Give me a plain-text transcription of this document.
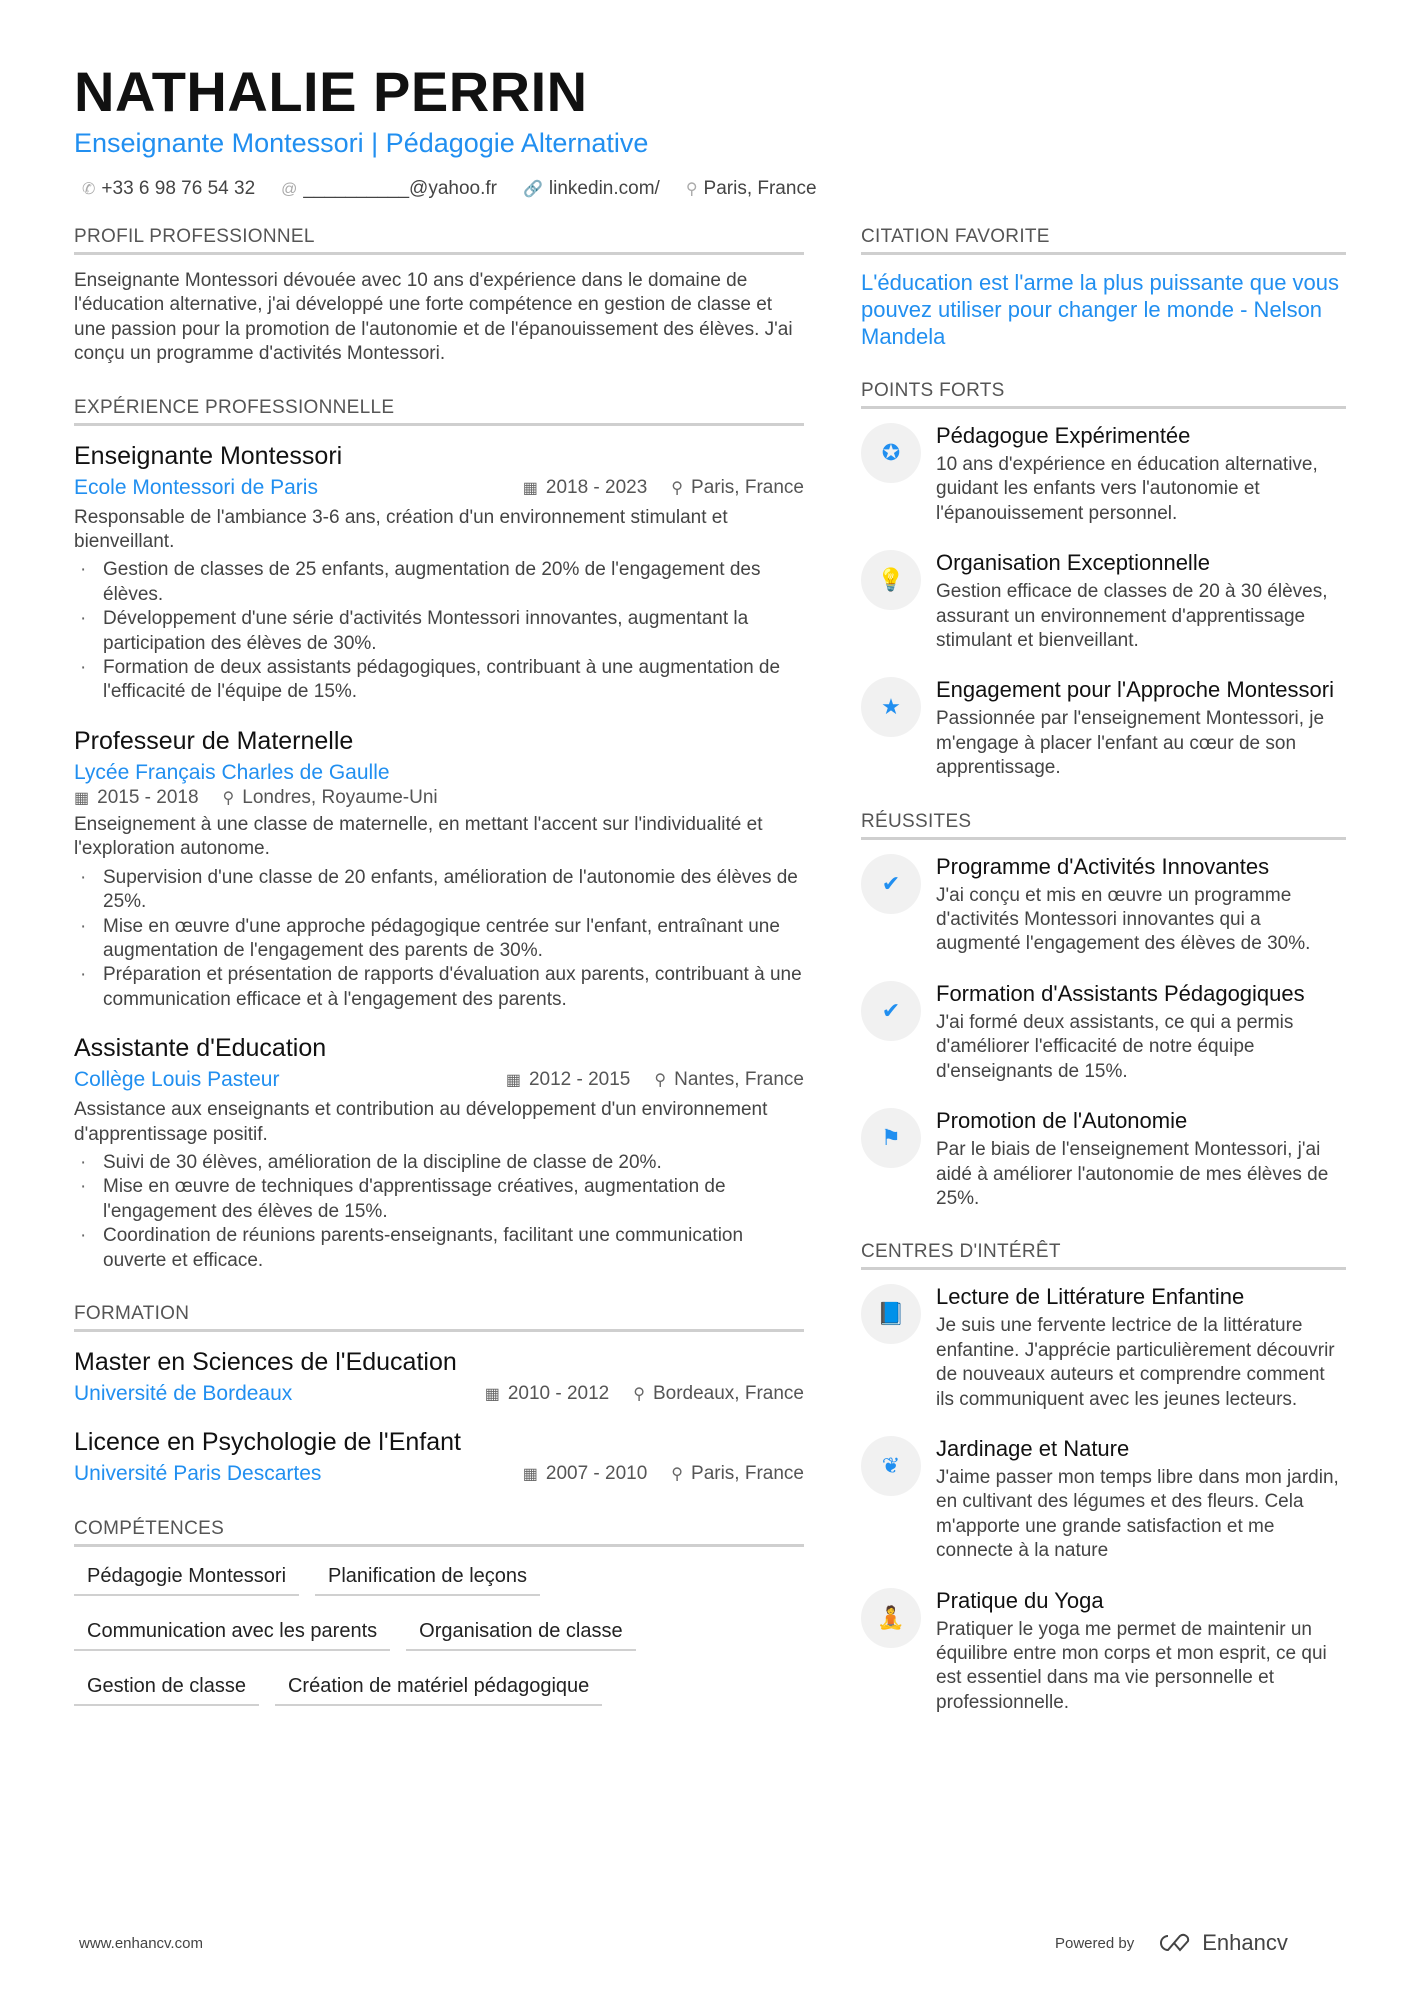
NATHALIE PERRIN
Enseignante Montessori | Pédagogie Alternative
✆ +33 6 98 76 54 32 @ __________@yahoo.fr 🔗 linkedin.com/ ⚲ Paris, France
PROFIL PROFESSIONNEL
Enseignante Montessori dévouée avec 10 ans d'expérience dans le domaine de l'éducation alternative, j'ai développé une forte compétence en gestion de classe et une passion pour la promotion de l'autonomie et de l'épanouissement des élèves. J'ai conçu un programme d'activités Montessori.
EXPÉRIENCE PROFESSIONNELLE
Enseignante Montessori
Ecole Montessori de Paris	▦ 2018 - 2023 ⚲ Paris, France
Responsable de l'ambiance 3-6 ans, création d'un environnement stimulant et bienveillant.
· Gestion de classes de 25 enfants, augmentation de 20% de l'engagement des élèves.
· Développement d'une série d'activités Montessori innovantes, augmentant la participation des élèves de 30%.
· Formation de deux assistants pédagogiques, contribuant à une augmentation de l'efficacité de l'équipe de 15%.
Professeur de Maternelle
Lycée Français Charles de Gaulle
▦ 2015 - 2018 ⚲ Londres, Royaume-Uni
Enseignement à une classe de maternelle, en mettant l'accent sur l'individualité et l'exploration autonome.
· Supervision d'une classe de 20 enfants, amélioration de l'autonomie des élèves de 25%.
· Mise en œuvre d'une approche pédagogique centrée sur l'enfant, entraînant une augmentation de l'engagement des parents de 30%.
· Préparation et présentation de rapports d'évaluation aux parents, contribuant à une communication efficace et à l'engagement des parents.
Assistante d'Education
Collège Louis Pasteur	▦ 2012 - 2015 ⚲ Nantes, France
Assistance aux enseignants et contribution au développement d'un environnement d'apprentissage positif.
· Suivi de 30 élèves, amélioration de la discipline de classe de 20%.
· Mise en œuvre de techniques d'apprentissage créatives, augmentation de l'engagement des élèves de 15%.
· Coordination de réunions parents-enseignants, facilitant une communication ouverte et efficace.
FORMATION
Master en Sciences de l'Education
Université de Bordeaux	▦ 2010 - 2012 ⚲ Bordeaux, France
Licence en Psychologie de l'Enfant
Université Paris Descartes	▦ 2007 - 2010 ⚲ Paris, France
COMPÉTENCES
Pédagogie Montessori	Planification de leçons
Communication avec les parents	Organisation de classe
Gestion de classe	Création de matériel pédagogique
CITATION FAVORITE
L'éducation est l'arme la plus puissante que vous pouvez utiliser pour changer le monde - Nelson Mandela
POINTS FORTS
✪
Pédagogue Expérimentée
10 ans d'expérience en éducation alternative, guidant les enfants vers l'autonomie et l'épanouissement personnel.
💡
Organisation Exceptionnelle
Gestion efficace de classes de 20 à 30 élèves, assurant un environnement d'apprentissage stimulant et bienveillant.
★
Engagement pour l'Approche Montessori
Passionnée par l'enseignement Montessori, je m'engage à placer l'enfant au cœur de son apprentissage.
RÉUSSITES
✔
Programme d'Activités Innovantes
J'ai conçu et mis en œuvre un programme d'activités Montessori innovantes qui a augmenté l'engagement des élèves de 30%.
✔
Formation d'Assistants Pédagogiques
J'ai formé deux assistants, ce qui a permis d'améliorer l'efficacité de notre équipe d'enseignants de 15%.
⚑
Promotion de l'Autonomie
Par le biais de l'enseignement Montessori, j'ai aidé à améliorer l'autonomie de mes élèves de 25%.
CENTRES D'INTÉRÊT
📘
Lecture de Littérature Enfantine
Je suis une fervente lectrice de la littérature enfantine. J'apprécie particulièrement découvrir de nouveaux auteurs et comprendre comment ils communiquent avec les jeunes lecteurs.
❦
Jardinage et Nature
J'aime passer mon temps libre dans mon jardin, en cultivant des légumes et des fleurs. Cela m'apporte une grande satisfaction et me connecte à la nature
🧘
Pratique du Yoga
Pratiquer le yoga me permet de maintenir un équilibre entre mon corps et mon esprit, ce qui est essentiel dans ma vie personnelle et professionnelle.
www.enhancv.com	Powered by	Enhancv
